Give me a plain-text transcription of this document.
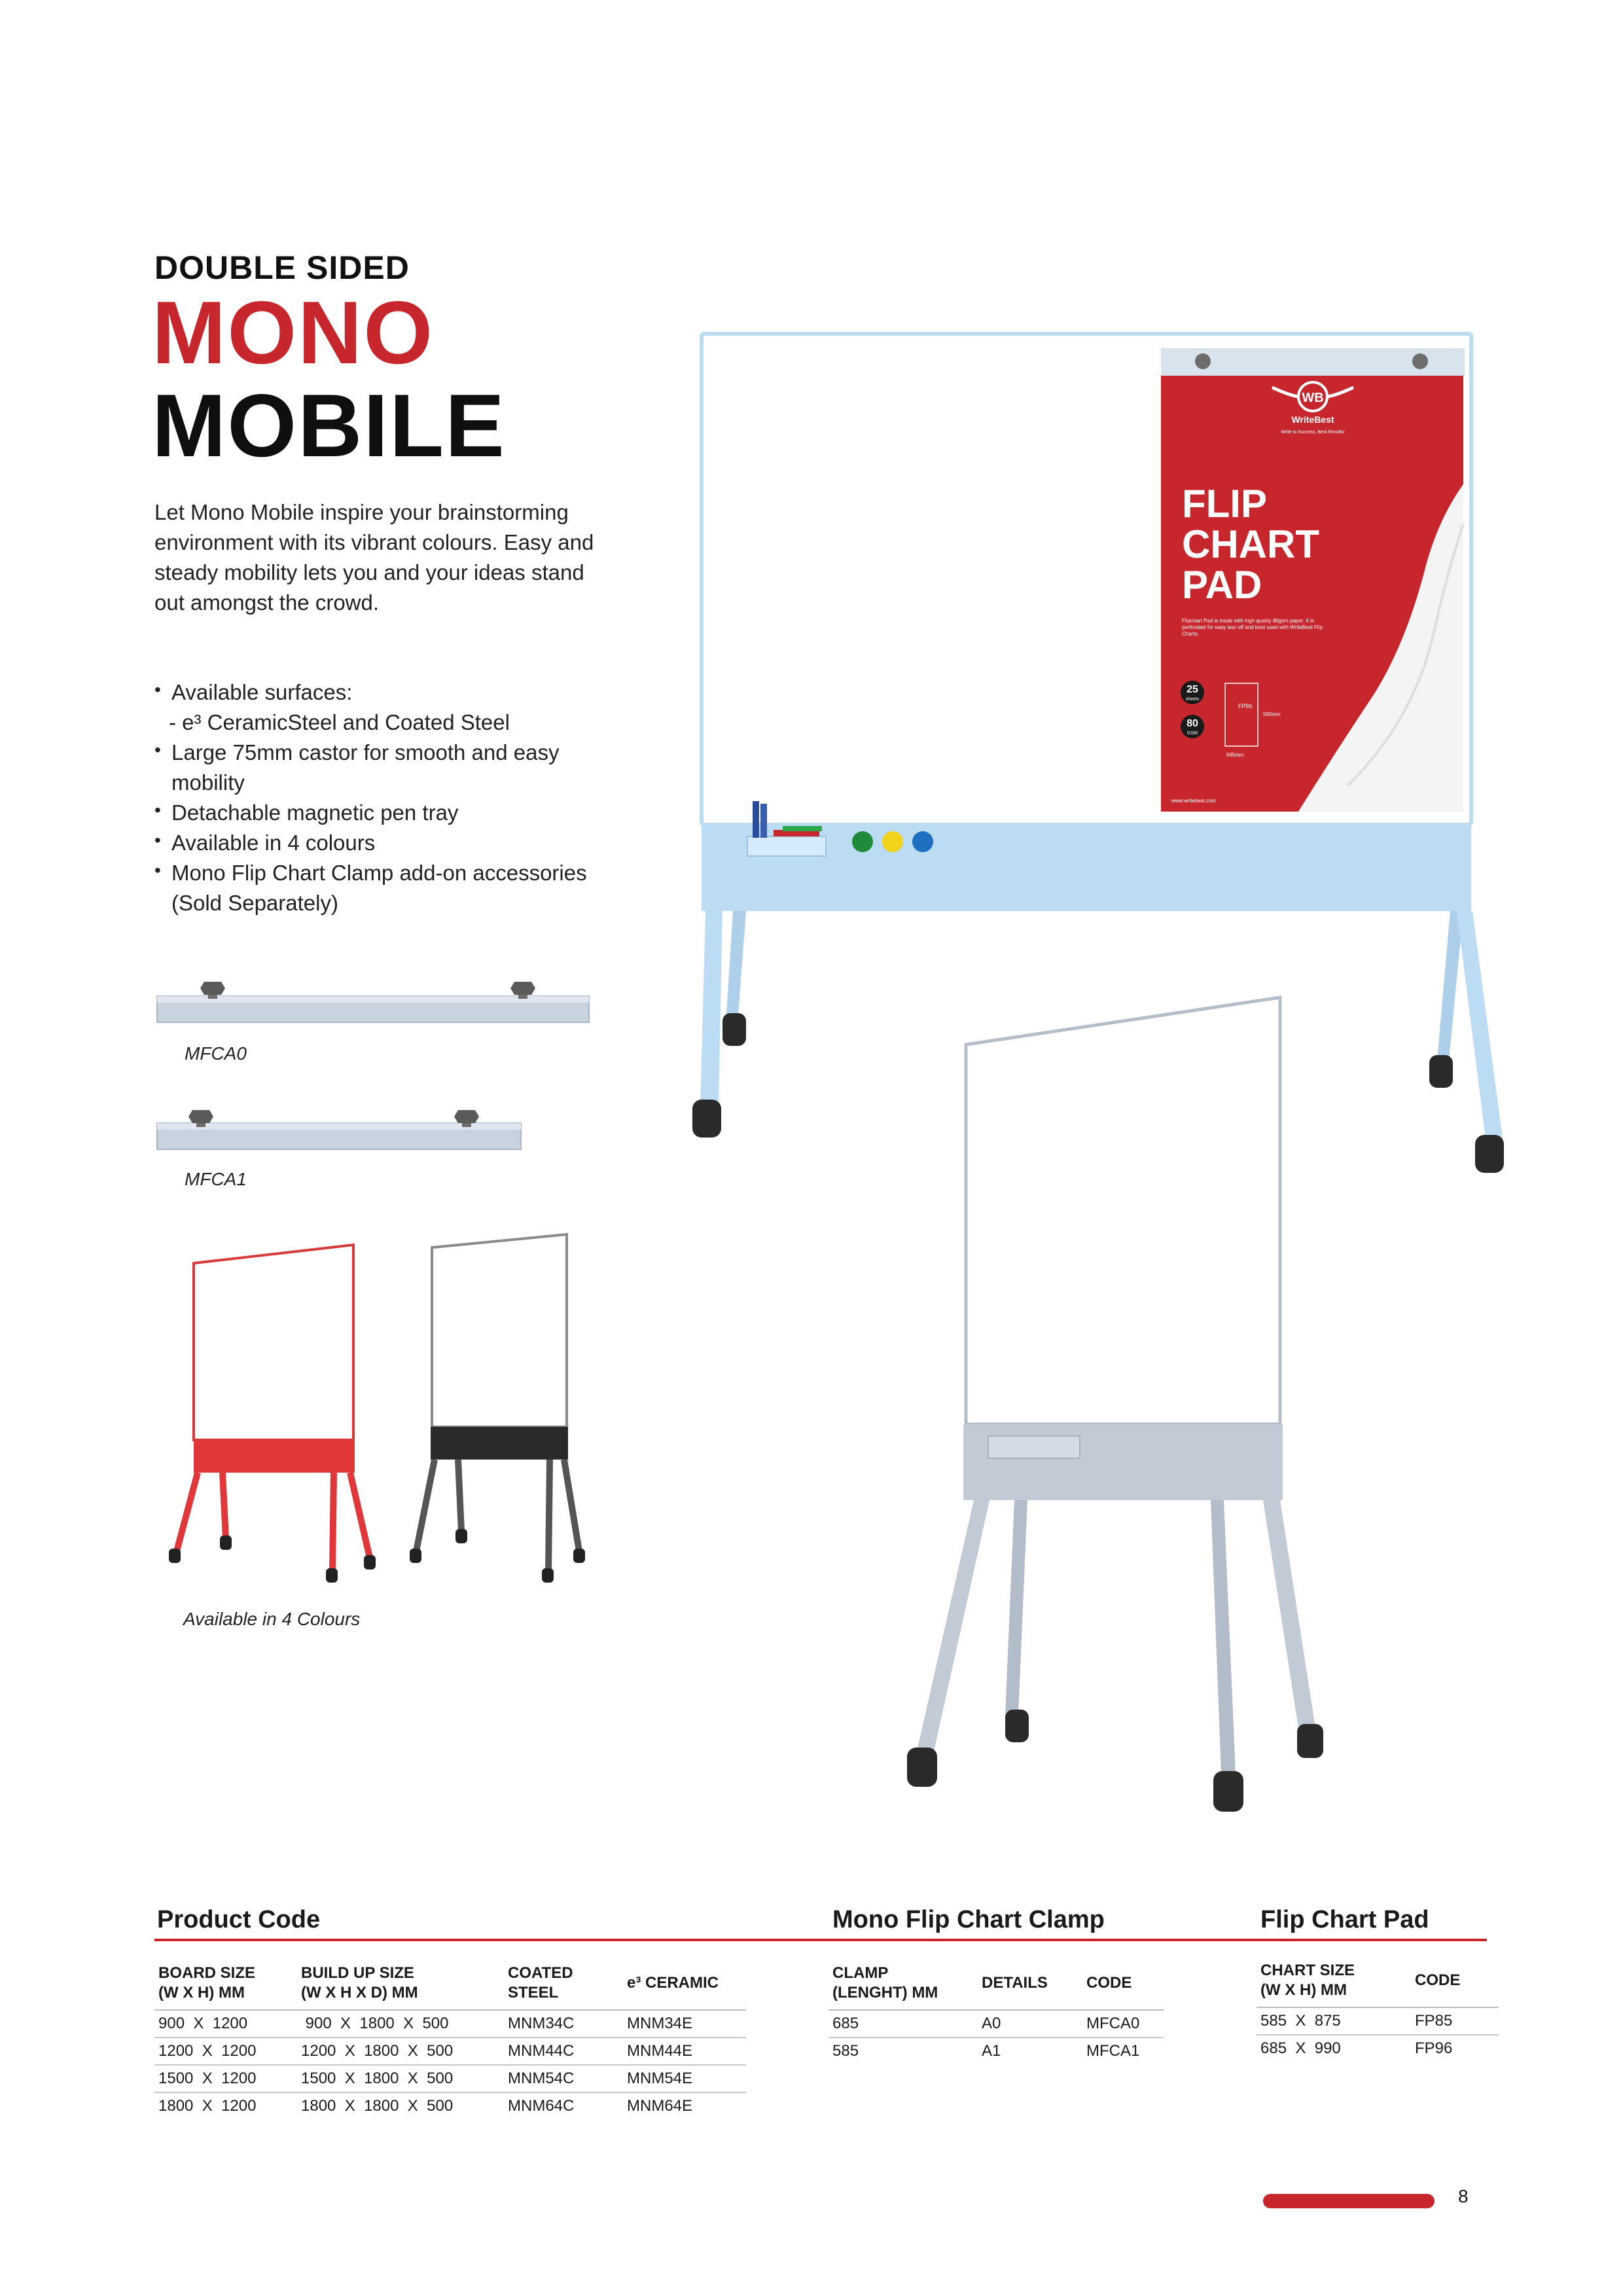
DOUBLE SIDED
MONO
MOBILE
Let Mono Mobile inspire your brainstorming environment with its vibrant colours. Easy and steady mobility lets you and your ideas stand out amongst the crowd.
• Available surfaces:
- e³ CeramicSteel and Coated Steel
• Large 75mm castor for smooth and easy mobility
• Detachable magnetic pen tray
• Available in 4 colours
• Mono Flip Chart Clamp add-on accessories (Sold Separately)
MFCA0
MFCA1
Available in 4 Colours
WB
WriteBest
Write to Success, Best Results!
FLIP
CHART
PAD
Flipchart Pad is made with high quality 80gsm paper. It is perforated for easy tear off and best used with WriteBest Flip Charts.
25
sheets
80
GSM
FP96
990mm
685mm
www.writebest.com
Product Code	Mono Flip Chart Clamp	Flip Chart Pad
BOARD SIZE
(W X H) MM	BUILD UP SIZE
(W X H X D) MM	COATED
STEEL	e³ CERAMIC
900  X  1200	900  X  1800  X  500	MNM34C	MNM34E
1200  X  1200	1200  X  1800  X  500	MNM44C	MNM44E
1500  X  1200	1500  X  1800  X  500	MNM54C	MNM54E
1800  X  1200	1800  X  1800  X  500	MNM64C	MNM64E
CLAMP
(LENGHT) MM	DETAILS	CODE
685	A0	MFCA0
585	A1	MFCA1
CHART SIZE
(W X H) MM	CODE
585  X  875	FP85
685  X  990	FP96
8
